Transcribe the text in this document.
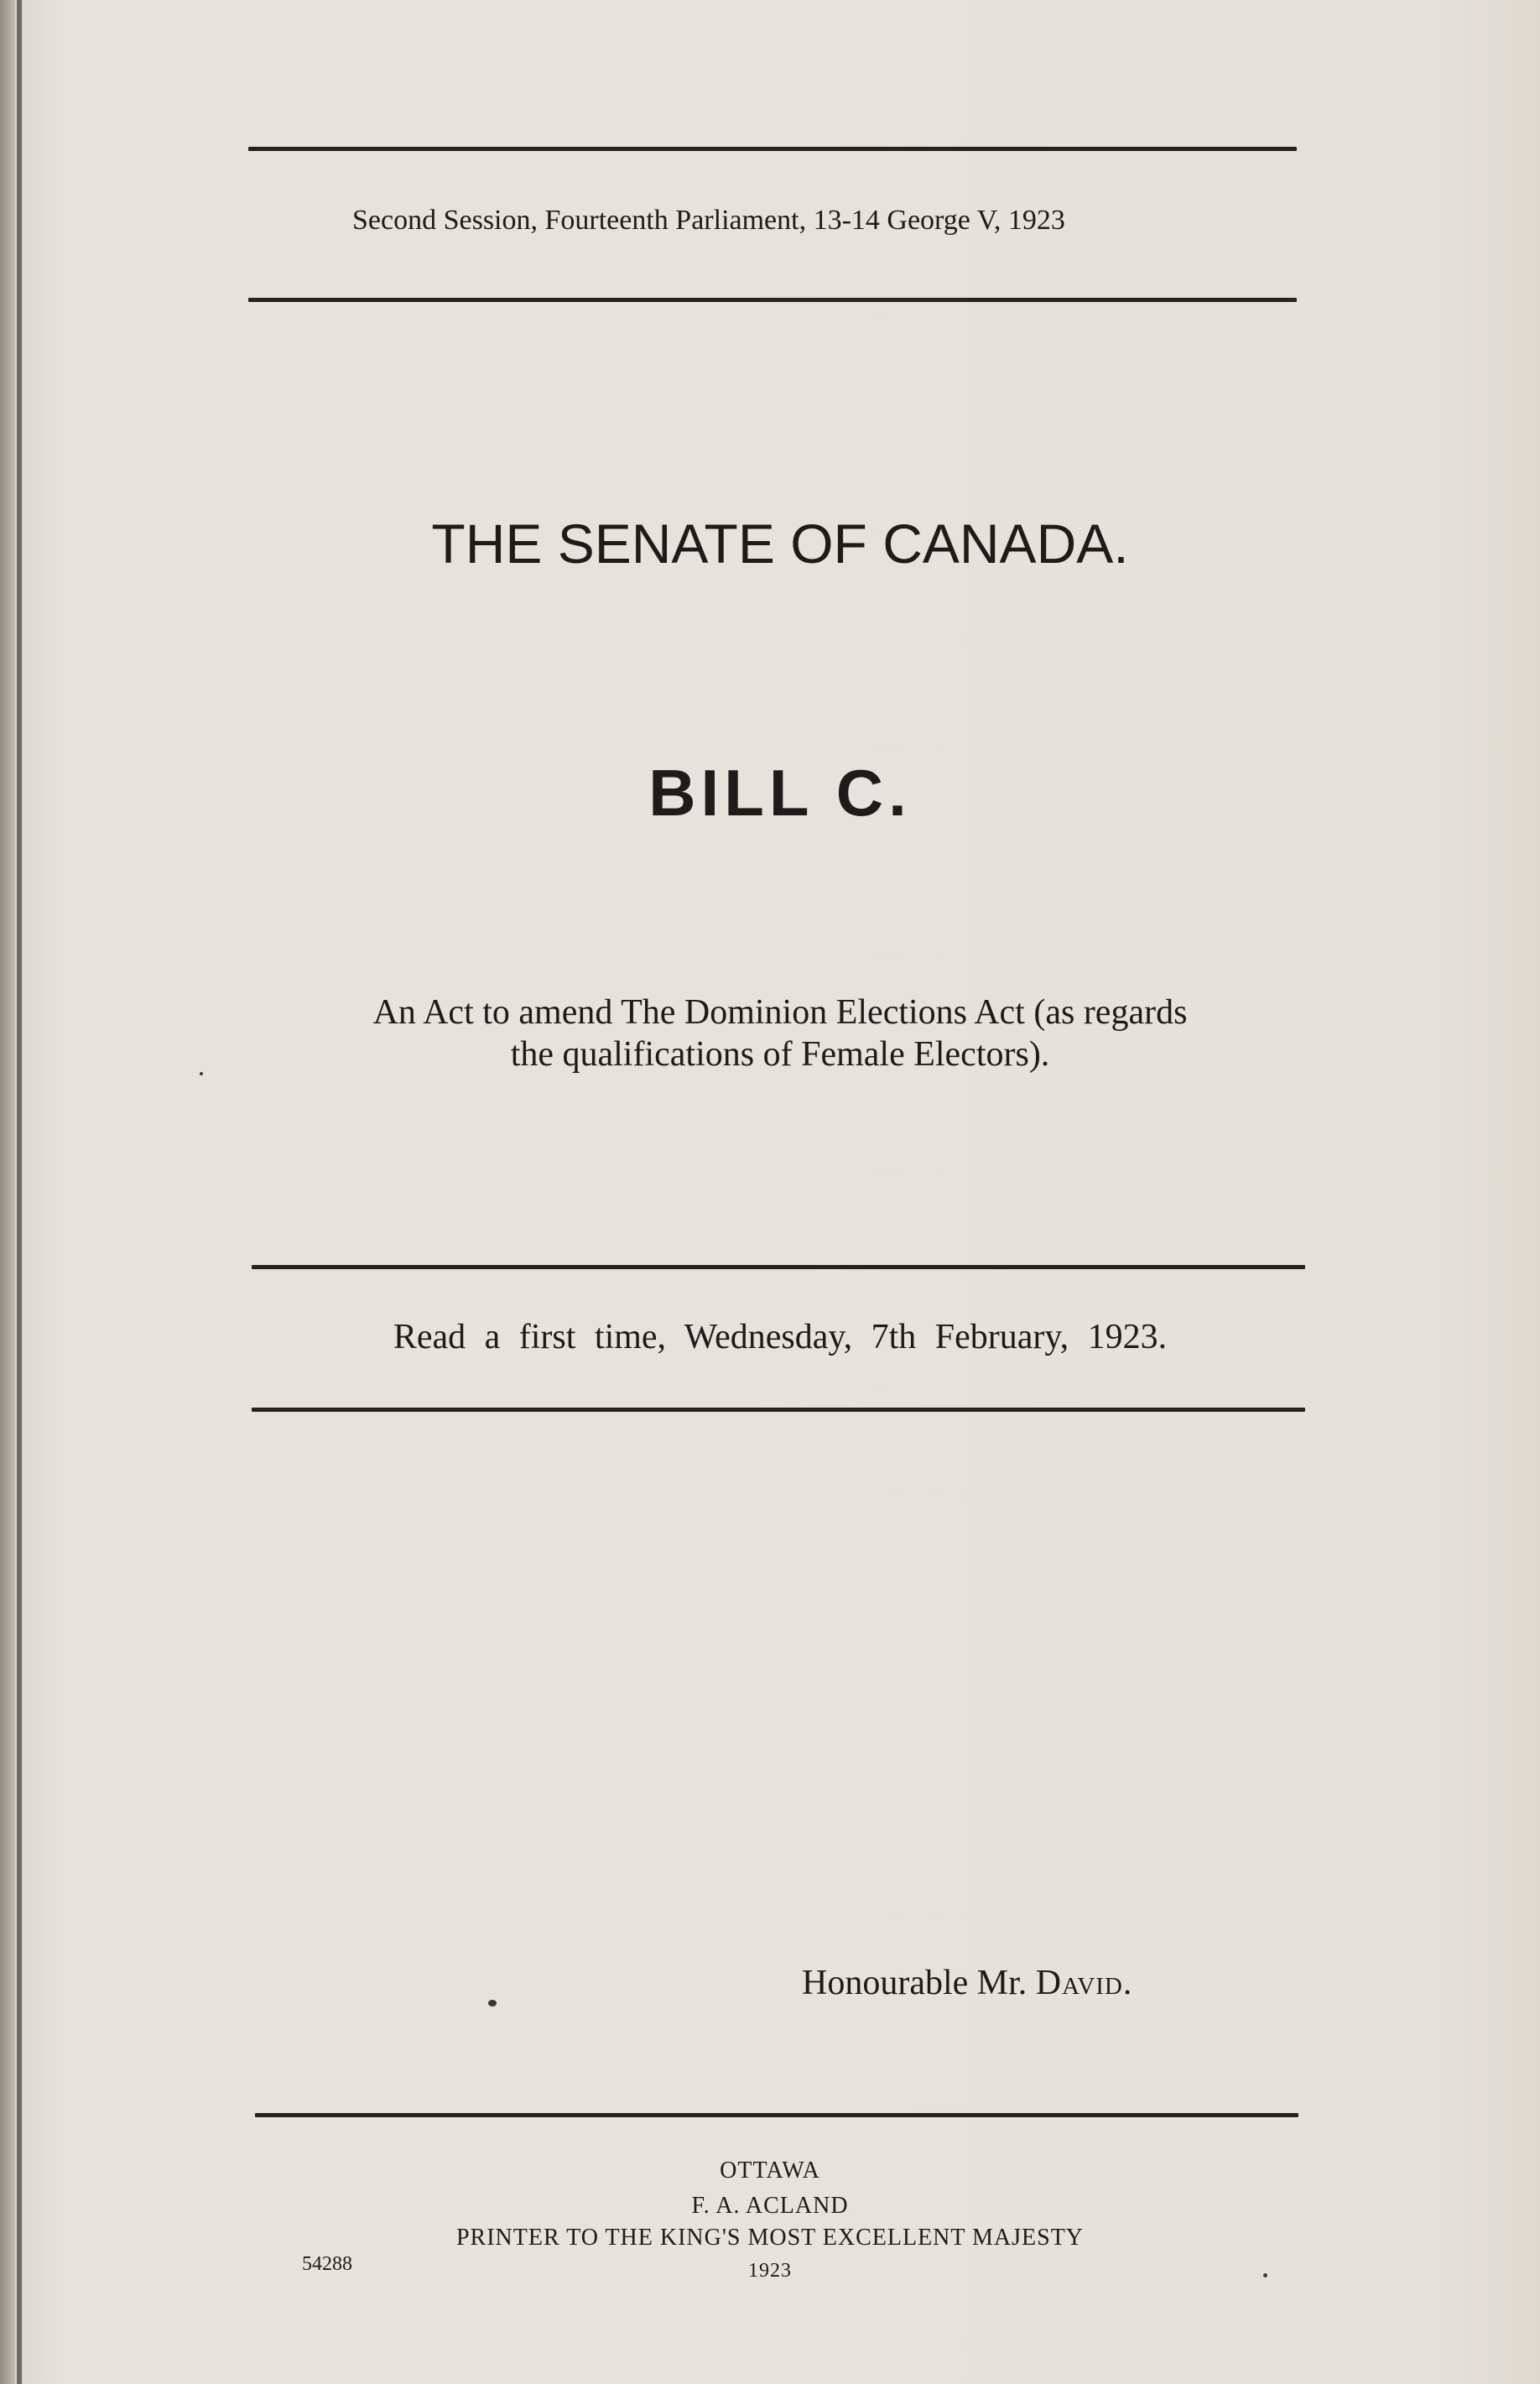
Second Session, Fourteenth Parliament, 13-14 George V, 1923
THE SENATE OF CANADA.
BILL C.
An Act to amend The Dominion Elections Act (as regards
the qualifications of Female Electors).
Read a first time, Wednesday, 7th February, 1923.
Honourable Mr. David.
OTTAWA
F. A. ACLAND
PRINTER TO THE KING'S MOST EXCELLENT MAJESTY
1923
54288
